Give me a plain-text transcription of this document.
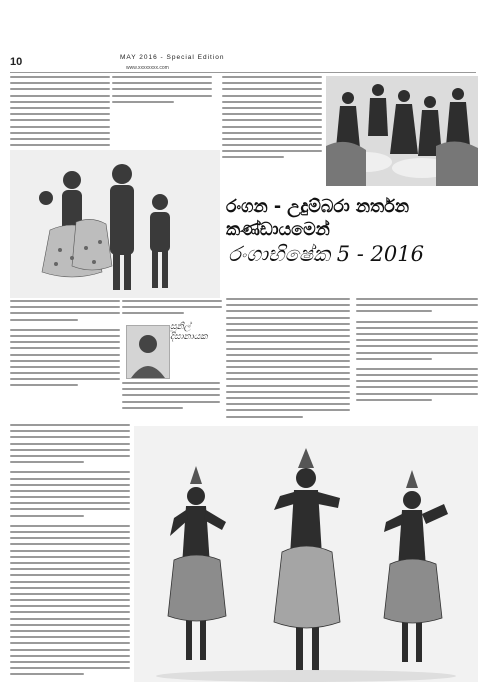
10	MAY 2016 - Special Edition
www.xxxxxxxx.com
රංගන - උදුම්බරා නර්තන කණ්ඩායමෙන්
රංගාභිෂේක 5 - 2016
සුනිල් දිසානායක
